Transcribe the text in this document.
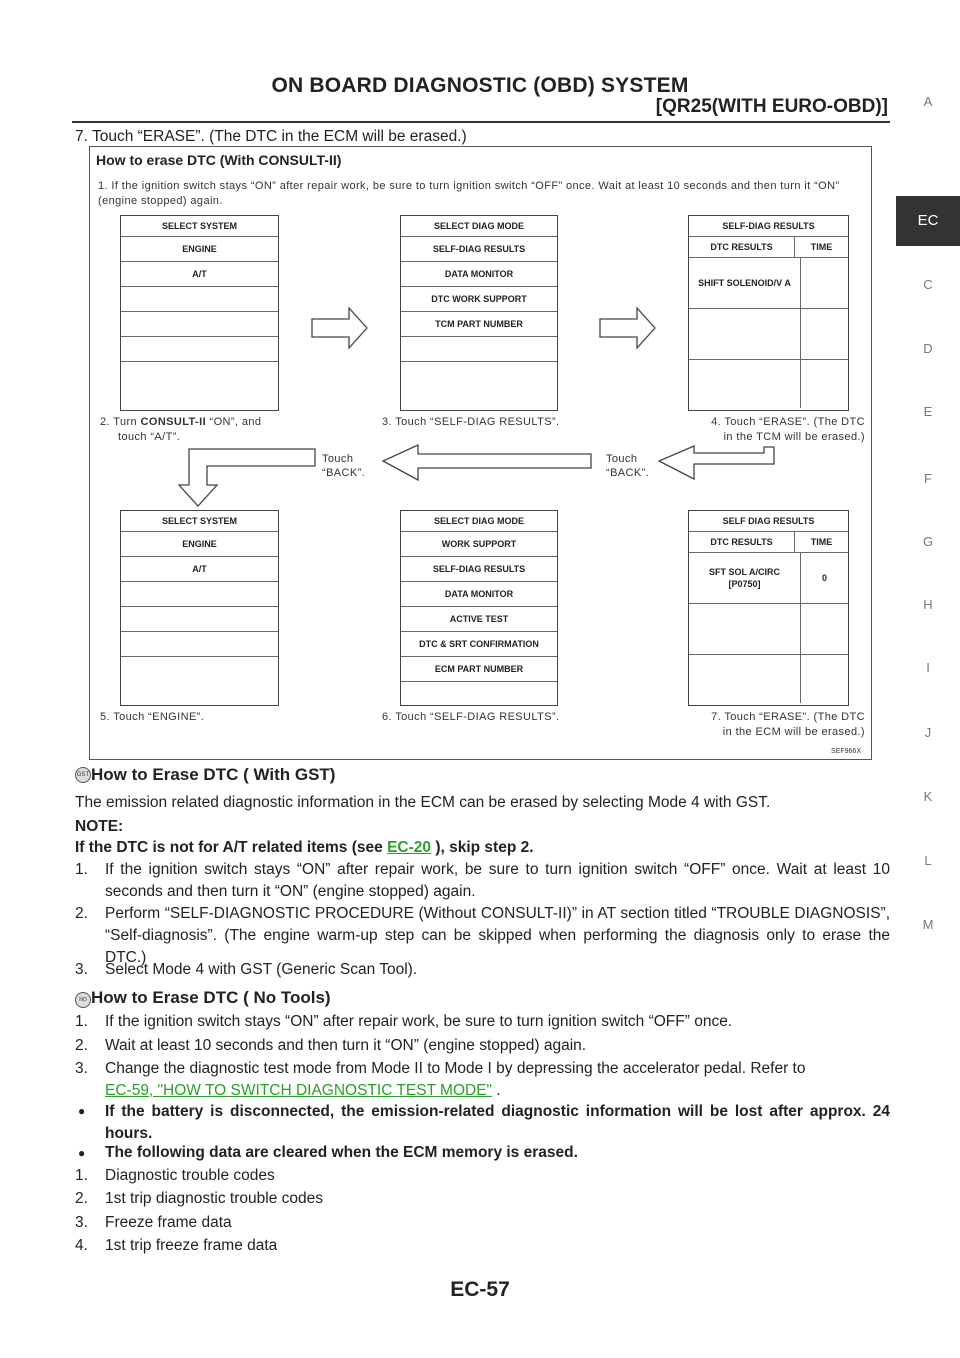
ON BOARD DIAGNOSTIC (OBD) SYSTEM
[QR25(WITH EURO-OBD)]	A
EC
C
D
E
F
G
H
I
J
K
L
M
7. Touch “ERASE”. (The DTC in the ECM will be erased.)
How to erase DTC (With CONSULT-II)
1. If the ignition switch stays “ON” after repair work, be sure to turn ignition switch “OFF” once. Wait at least 10 seconds and then turn it “ON” (engine stopped) again.
SELECT SYSTEM
ENGINE
A/T
SELECT DIAG MODE
SELF-DIAG RESULTS
DATA MONITOR
DTC WORK SUPPORT
TCM PART NUMBER
SELF-DIAG RESULTS
DTC RESULTS	TIME
SHIFT SOLENOID/V A
2. Turn CONSULT-II “ON”, and
touch “A/T”.
3. Touch “SELF-DIAG RESULTS”.	4. Touch “ERASE”. (The DTC
in the TCM will be erased.)
Touch
“BACK”.
Touch
“BACK”.
SELECT SYSTEM
ENGINE
A/T
SELECT DIAG MODE
WORK SUPPORT
SELF-DIAG RESULTS
DATA MONITOR
ACTIVE TEST
DTC & SRT CONFIRMATION
ECM PART NUMBER
SELF DIAG RESULTS
DTC RESULTS	TIME
SFT SOL A/CIRC
[P0750]
0
5. Touch “ENGINE”.	6. Touch “SELF-DIAG RESULTS”.	7. Touch “ERASE”. (The DTC
in the ECM will be erased.)
SEF966X
GST How to Erase DTC ( With GST)
The emission related diagnostic information in the ECM can be erased by selecting Mode 4 with GST.
NOTE:
If the DTC is not for A/T related items (see EC-20 ), skip step 2.
1. If the ignition switch stays “ON” after repair work, be sure to turn ignition switch “OFF” once. Wait at least 10 seconds and then turn it “ON” (engine stopped) again.
2. Perform “SELF-DIAGNOSTIC PROCEDURE (Without CONSULT-II)” in AT section titled “TROUBLE DIAGNOSIS”, “Self-diagnosis”. (The engine warm-up step can be skipped when performing the diagnosis only to erase the DTC.)
3. Select Mode 4 with GST (Generic Scan Tool).
NO How to Erase DTC ( No Tools)
1. If the ignition switch stays “ON” after repair work, be sure to turn ignition switch “OFF” once.
2. Wait at least 10 seconds and then turn it “ON” (engine stopped) again.
3. Change the diagnostic test mode from Mode II to Mode I by depressing the accelerator pedal. Refer to
EC-59, "HOW TO SWITCH DIAGNOSTIC TEST MODE" .
● If the battery is disconnected, the emission-related diagnostic information will be lost after approx. 24 hours.
● The following data are cleared when the ECM memory is erased.
1. Diagnostic trouble codes
2. 1st trip diagnostic trouble codes
3. Freeze frame data
4. 1st trip freeze frame data
EC-57
